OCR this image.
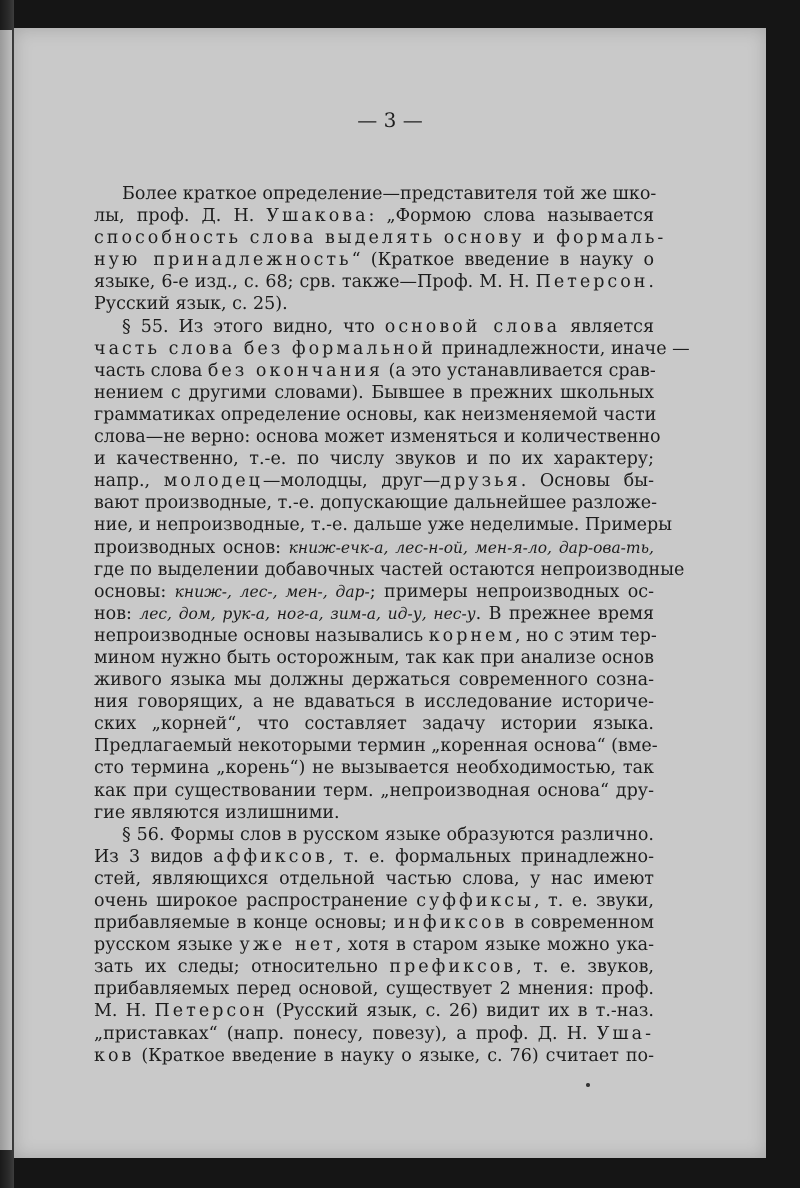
— 3 —
Более краткое определение—представителя той же шко-
лы, проф. Д. Н. Ушакова: „Формою слова называется
способность слова выделять основу и формаль-
ную принадлежность“ (Краткое введение в науку о
языке, 6-е изд., с. 68; срв. также—Проф. М. Н. Петерсон.
Русский язык, с. 25).
§ 55. Из этого видно, что основой слова является
часть слова без формальной принадлежности, иначе —
часть слова без окончания (а это устанавливается срав-
нением с другими словами). Бывшее в прежних школьных
грамматиках определение основы, как неизменяемой части
слова—не верно: основа может изменяться и количественно
и качественно, т.-е. по числу звуков и по их характеру;
напр., молодец—молодцы, друг—друзья. Основы бы-
вают производные, т.-е. допускающие дальнейшее разложе-
ние, и непроизводные, т.-е. дальше уже неделимые. Примеры
производных основ: книж-ечк-а, лес-н-ой, мен-я-ло, дар-ова-ть,
где по выделении добавочных частей остаются непроизводные
основы: книж-, лес-, мен-, дар-; примеры непроизводных ос-
нов: лес, дом, рук-а, ног-а, зим-а, ид-у, нес-у. В прежнее время
непроизводные основы назывались корнем, но с этим тер-
мином нужно быть осторожным, так как при анализе основ
живого языка мы должны держаться современного созна-
ния говорящих, а не вдаваться в исследование историче-
ских „корней“, что составляет задачу истории языка.
Предлагаемый некоторыми термин „коренная основа“ (вме-
сто термина „корень“) не вызывается необходимостью, так
как при существовании терм. „непроизводная основа“ дру-
гие являются излишними.
§ 56. Формы слов в русском языке образуются различно.
Из 3 видов аффиксов, т. е. формальных принадлежно-
стей, являющихся отдельной частью слова, у нас имеют
очень широкое распространение суффиксы, т. е. звуки,
прибавляемые в конце основы; инфиксов в современном
русском языке уже нет, хотя в старом языке можно ука-
зать их следы; относительно префиксов, т. е. звуков,
прибавляемых перед основой, существует 2 мнения: проф.
М. Н. Петерсон (Русский язык, с. 26) видит их в т.-наз.
„приставках“ (напр. понесу, повезу), а проф. Д. Н. Уша-
ков (Краткое введение в науку о языке, с. 76) считает по-
